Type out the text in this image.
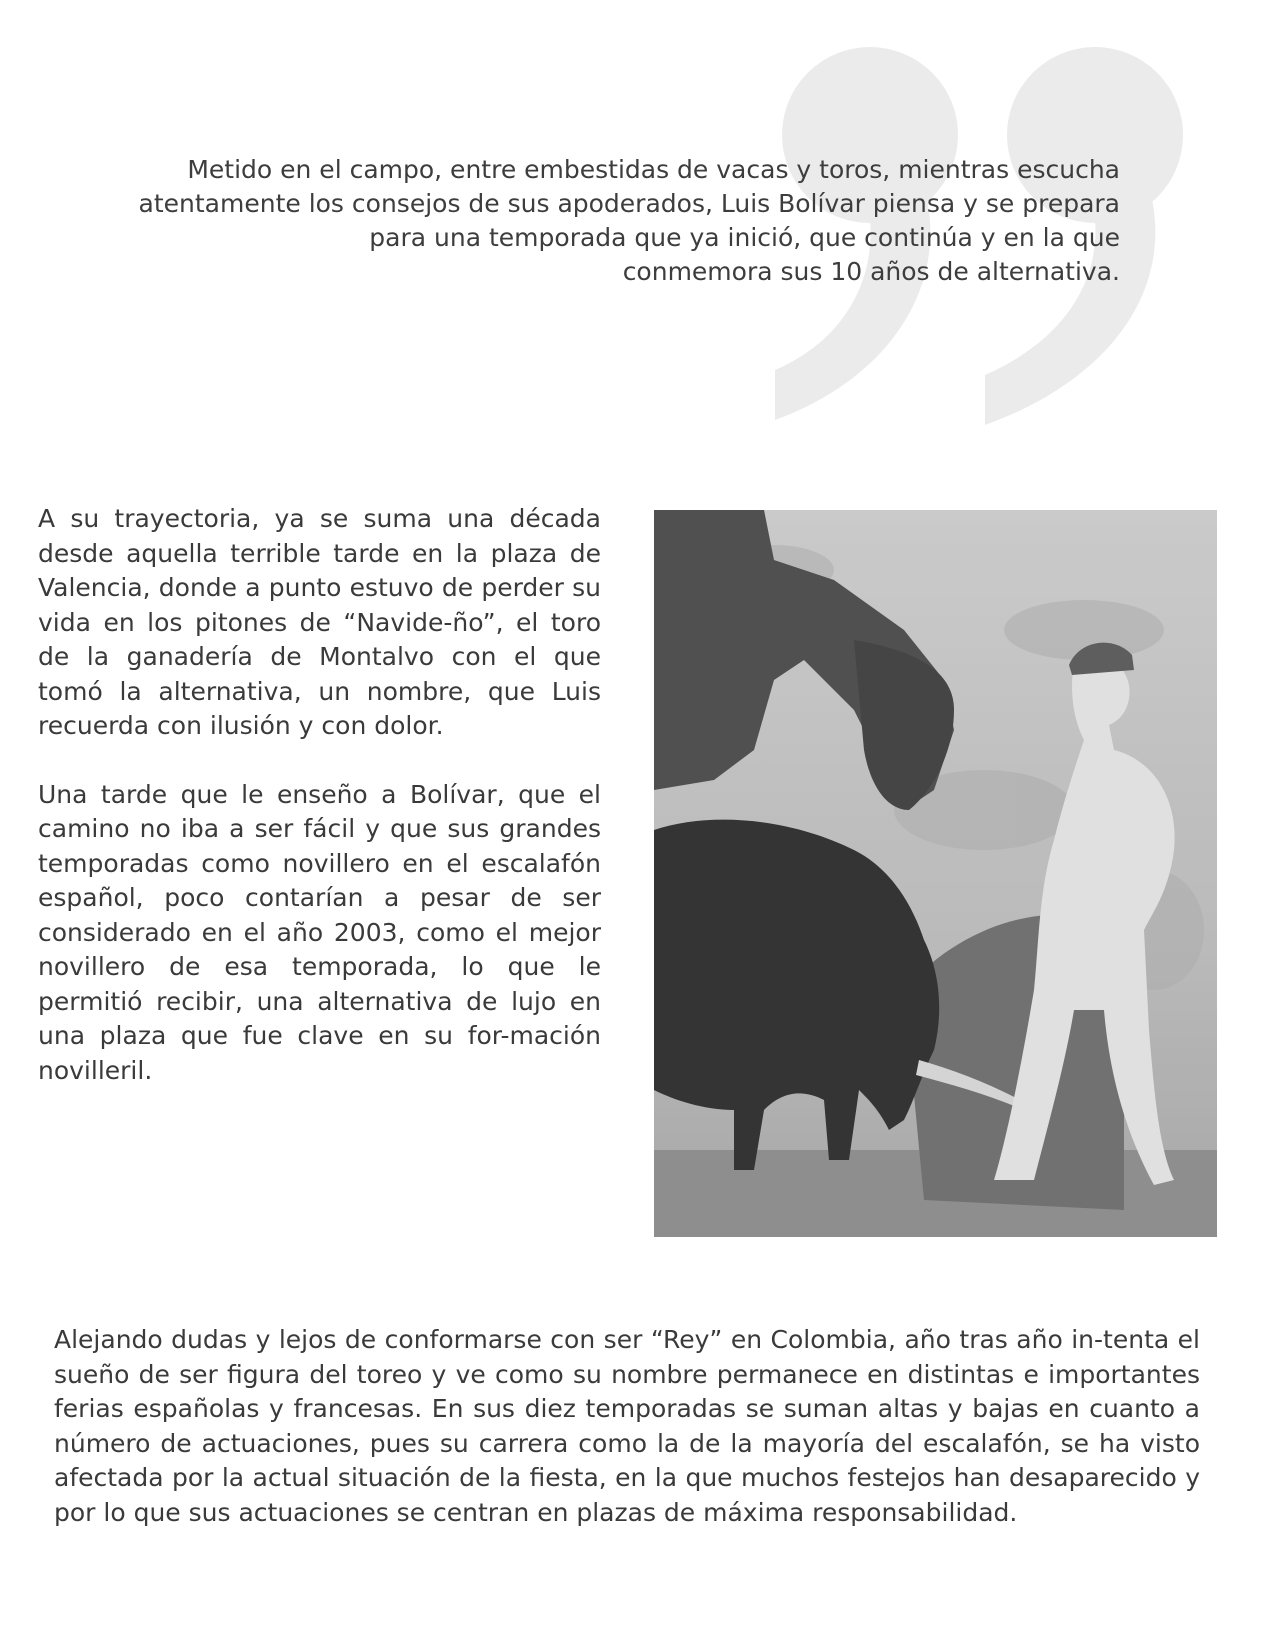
Metido en el campo, entre embestidas de vacas y toros, mientras escucha
atentamente los consejos de sus apoderados, Luis Bolívar piensa y se prepara
para una temporada que ya inició, que continúa y en la que
conmemora sus 10 años de alternativa.

A su trayectoria, ya se suma una década desde aquella terrible tarde en la plaza de Valencia, donde a punto estuvo de perder su vida en los pitones de “Navide-ño”, el toro de la ganadería de Montalvo con el que tomó la alternativa, un nombre, que Luis recuerda con ilusión y con dolor.

Una tarde que le enseño a Bolívar, que el camino no iba a ser fácil y que sus grandes temporadas como novillero en el escalafón español, poco contarían a pesar de ser considerado en el año 2003, como el mejor novillero de esa temporada, lo que le permitió recibir, una alternativa de lujo en una plaza que fue clave en su for-mación novilleril.

Alejando dudas y lejos de conformarse con ser “Rey” en Colombia, año tras año in-tenta el sueño de ser figura del toreo y ve como su nombre permanece en distintas e importantes ferias españolas y francesas. En sus diez temporadas se suman altas y bajas en cuanto a número de actuaciones, pues su carrera como la de la mayoría del escalafón, se ha visto afectada por la actual situación de la fiesta, en la que muchos festejos han desaparecido y por lo que sus actuaciones se centran en plazas de máxima responsabilidad.
